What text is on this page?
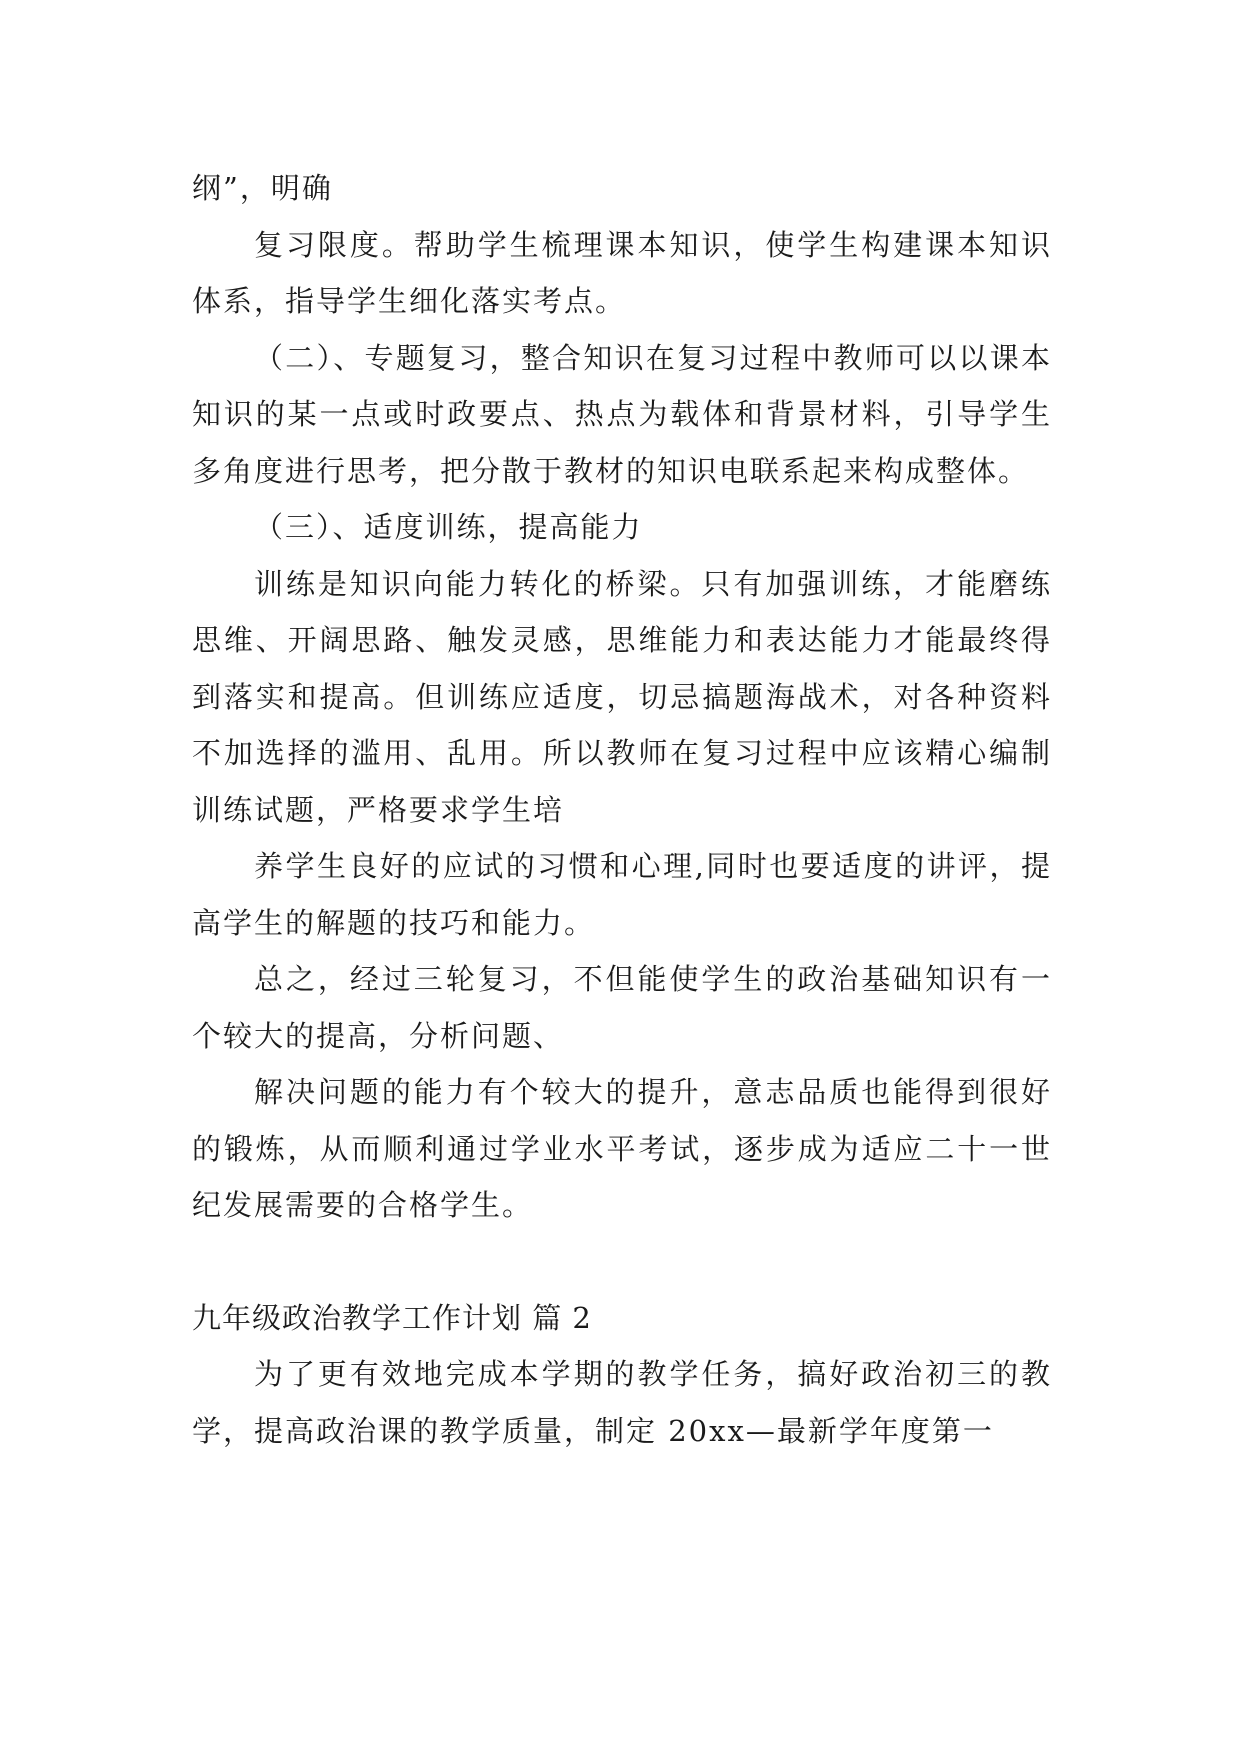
纲”，明确

复习限度。帮助学生梳理课本知识，使学生构建课本知识体系，指导学生细化落实考点。

（二）、专题复习，整合知识在复习过程中教师可以以课本知识的某一点或时政要点、热点为载体和背景材料，引导学生多角度进行思考，把分散于教材的知识电联系起来构成整体。

（三）、适度训练，提高能力

训练是知识向能力转化的桥梁。只有加强训练，才能磨练思维、开阔思路、触发灵感，思维能力和表达能力才能最终得到落实和提高。但训练应适度，切忌搞题海战术，对各种资料不加选择的滥用、乱用。所以教师在复习过程中应该精心编制训练试题，严格要求学生培

养学生良好的应试的习惯和心理,同时也要适度的讲评，提高学生的解题的技巧和能力。

总之，经过三轮复习，不但能使学生的政治基础知识有一个较大的提高，分析问题、

解决问题的能力有个较大的提升，意志品质也能得到很好的锻炼，从而顺利通过学业水平考试，逐步成为适应二十一世纪发展需要的合格学生。

九年级政治教学工作计划 篇 2

为了更有效地完成本学期的教学任务，搞好政治初三的教学，提高政治课的教学质量，制定 20xx—最新学年度第一
